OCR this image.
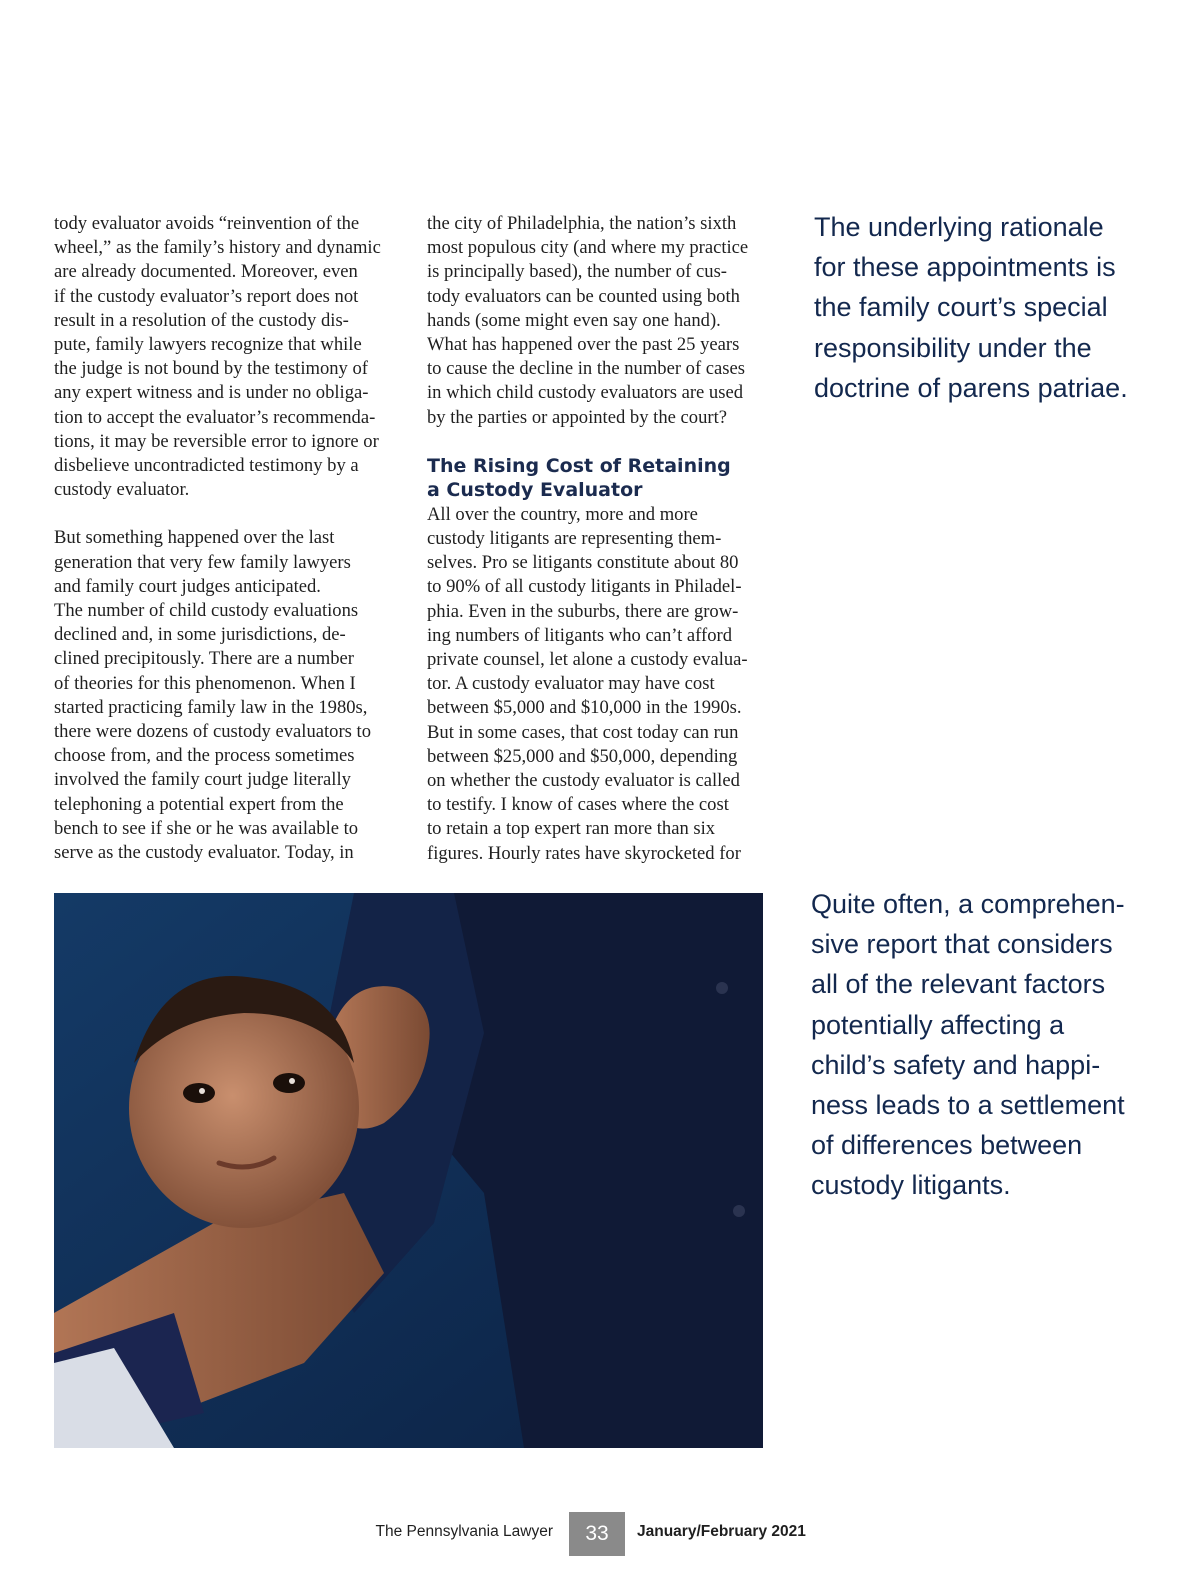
tody evaluator avoids “reinvention of the
wheel,” as the family’s history and dynamic
are already documented. Moreover, even
if the custody evaluator’s report does not
result in a resolution of the custody dis-
pute, family lawyers recognize that while
the judge is not bound by the testimony of
any expert witness and is under no obliga-
tion to accept the evaluator’s recommenda-
tions, it may be reversible error to ignore or
disbelieve uncontradicted testimony by a
custody evaluator.

But something happened over the last
generation that very few family lawyers
and family court judges anticipated.
The number of child custody evaluations
declined and, in some jurisdictions, de-
clined precipitously. There are a number
of theories for this phenomenon. When I
started practicing family law in the 1980s,
there were dozens of custody evaluators to
choose from, and the process sometimes
involved the family court judge literally
telephoning a potential expert from the
bench to see if she or he was available to
serve as the custody evaluator. Today, in

the city of Philadelphia, the nation’s sixth
most populous city (and where my practice
is principally based), the number of cus-
tody evaluators can be counted using both
hands (some might even say one hand).
What has happened over the past 25 years
to cause the decline in the number of cases
in which child custody evaluators are used
by the parties or appointed by the court?

The Rising Cost of Retaining
a Custody Evaluator

All over the country, more and more
custody litigants are representing them-
selves. Pro se litigants constitute about 80
to 90% of all custody litigants in Philadel-
phia. Even in the suburbs, there are grow-
ing numbers of litigants who can’t afford
private counsel, let alone a custody evalua-
tor. A custody evaluator may have cost
between $5,000 and $10,000 in the 1990s.
But in some cases, that cost today can run
between $25,000 and $50,000, depending
on whether the custody evaluator is called
to testify. I know of cases where the cost
to retain a top expert ran more than six
figures. Hourly rates have skyrocketed for

The underlying rationale
for these appointments is
the family court’s special
responsibility under the
doctrine of parens patriae.
Quite often, a comprehen-
sive report that considers
all of the relevant factors
potentially affecting a
child’s safety and happi-
ness leads to a settlement
of differences between
custody litigants.
The Pennsylvania Lawyer	33	January/February 2021
